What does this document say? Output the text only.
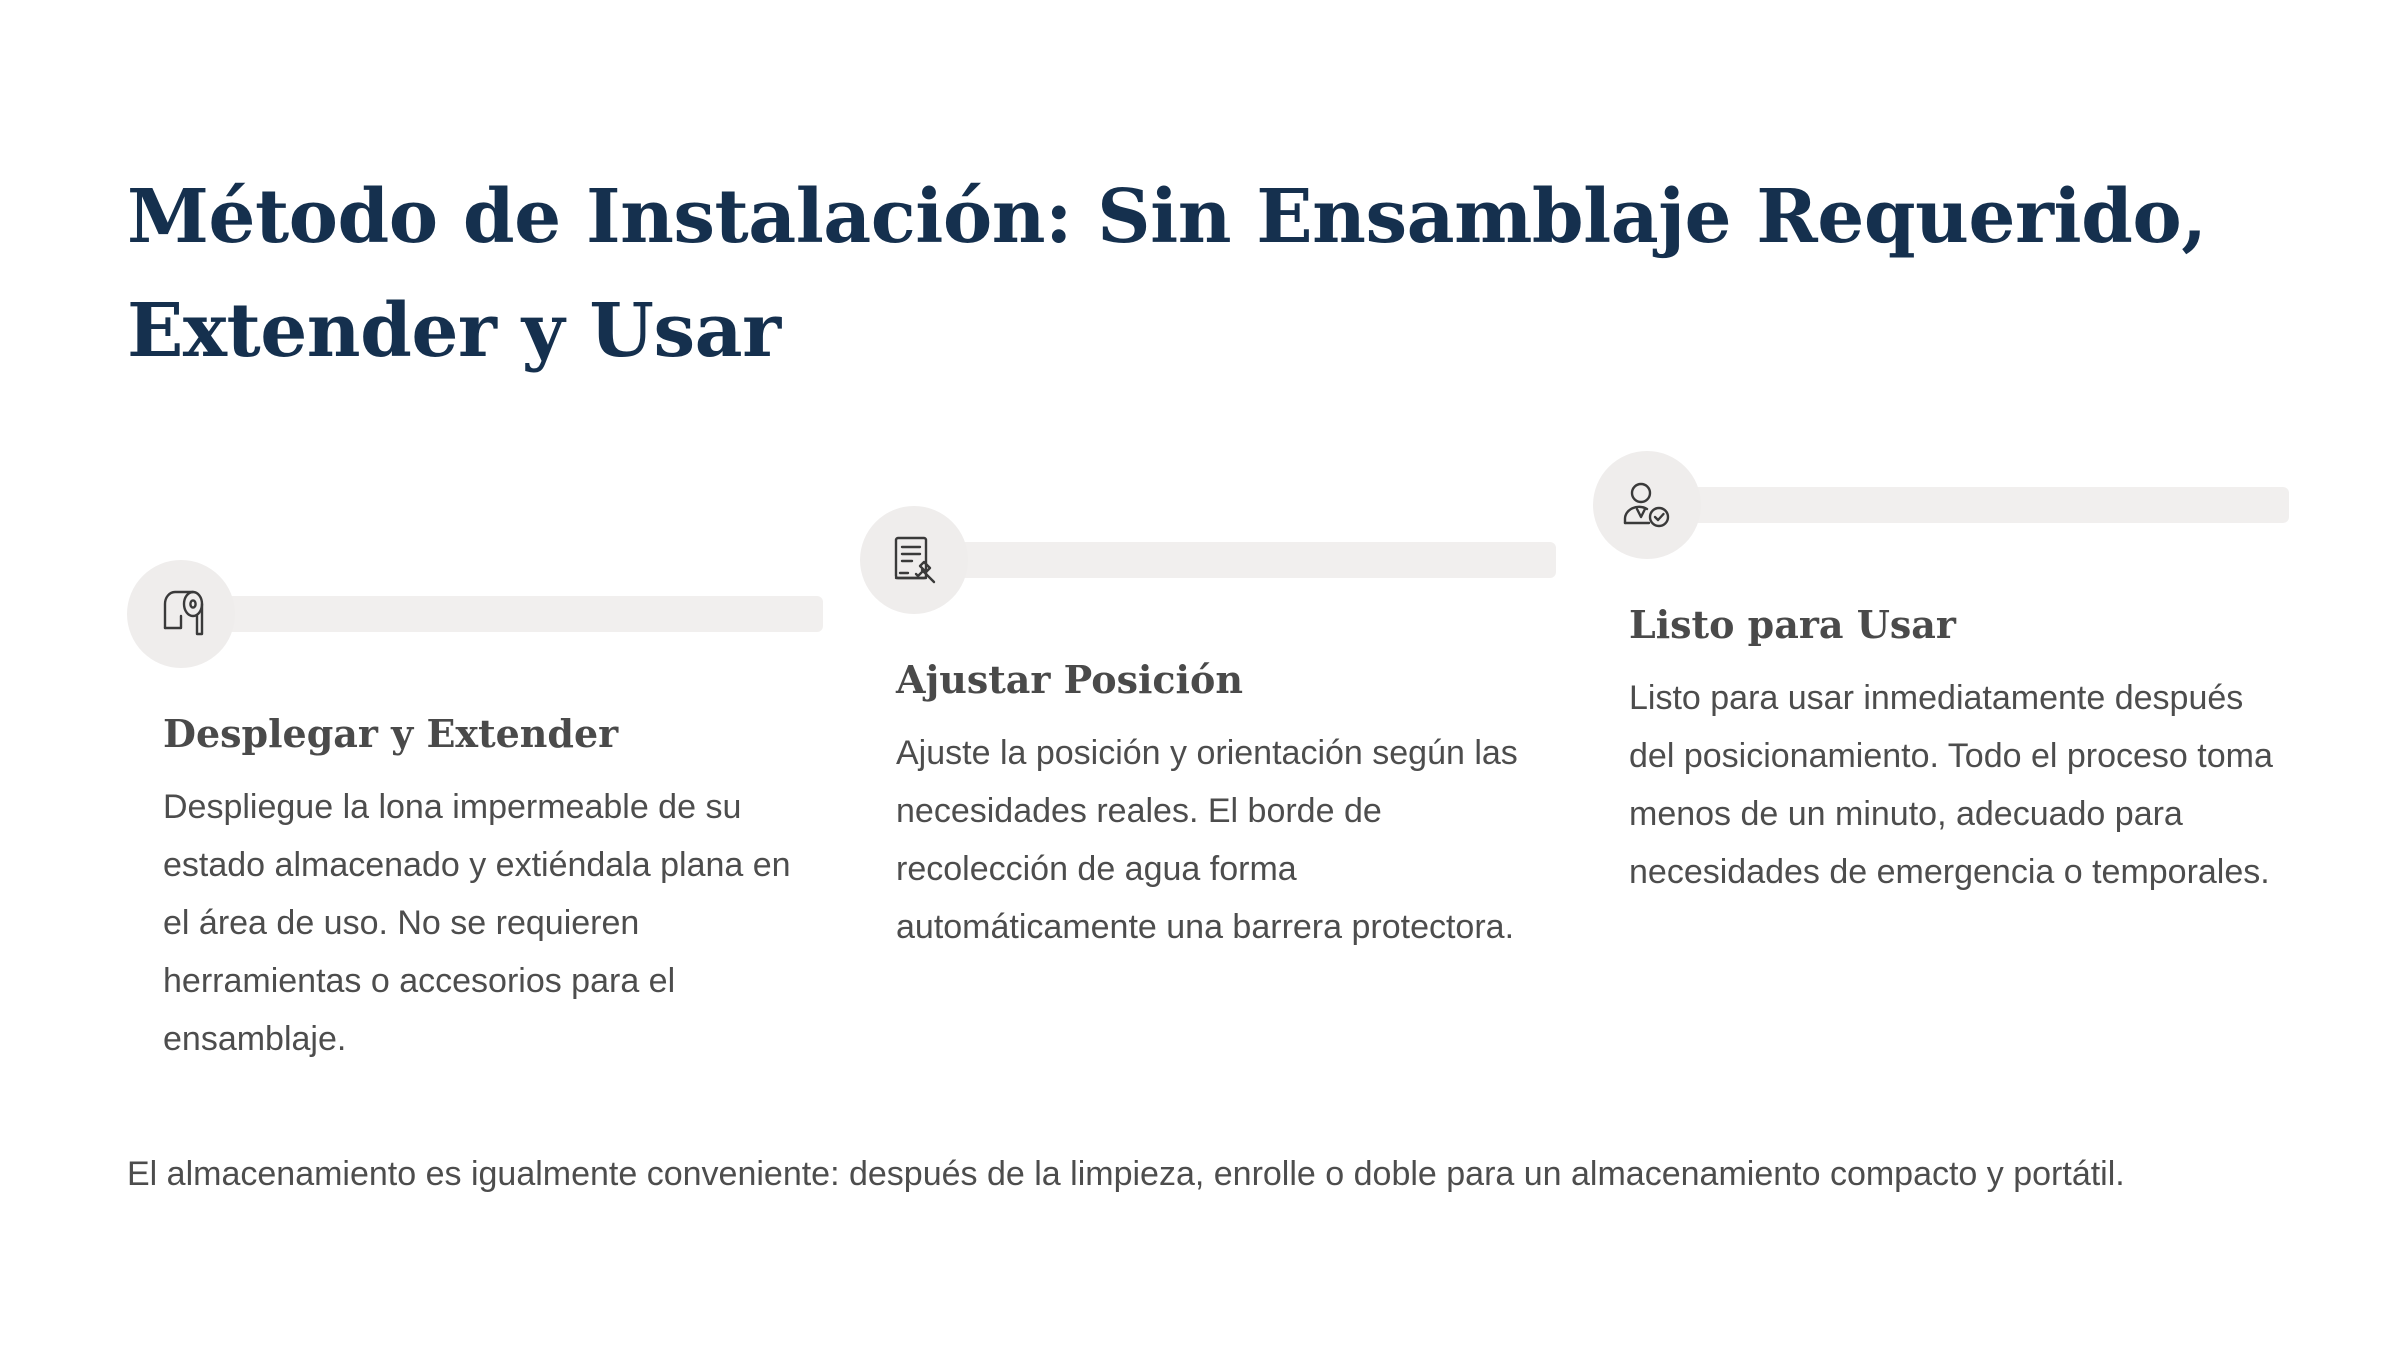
Método de Instalación: Sin Ensamblaje Requerido, Extender y Usar
Desplegar y Extender

Despliegue la lona impermeable de su estado almacenado y extiéndala plana en el área de uso. No se requieren herramientas o accesorios para el ensamblaje.

Ajustar Posición

Ajuste la posición y orientación según las necesidades reales. El borde de recolección de agua forma automáticamente una barrera protectora.

Listo para Usar

Listo para usar inmediatamente después del posicionamiento. Todo el proceso toma menos de un minuto, adecuado para necesidades de emergencia o temporales.

El almacenamiento es igualmente conveniente: después de la limpieza, enrolle o doble para un almacenamiento compacto y portátil.
